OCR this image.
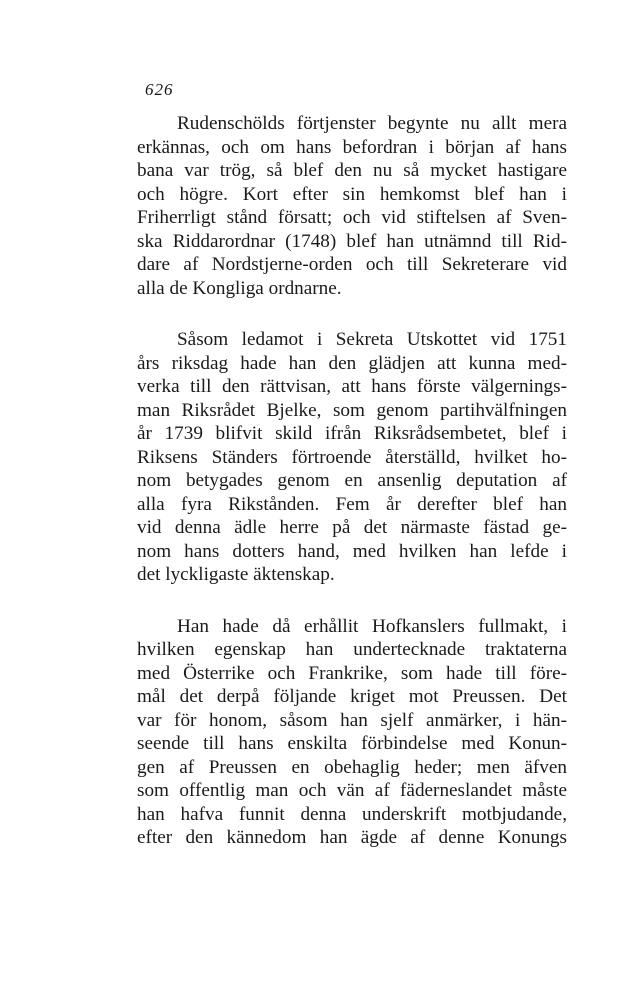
626
Rudenschölds förtjenster begynte nu allt mera
erkännas, och om hans befordran i början af hans
bana var trög, så blef den nu så mycket hastigare
och högre. Kort efter sin hemkomst blef han i
Friherrligt stånd försatt; och vid stiftelsen af Sven-
ska Riddarordnar (1748) blef han utnämnd till Rid-
dare af Nordstjerne-orden och till Sekreterare vid
alla de Kongliga ordnarne.
Såsom ledamot i Sekreta Utskottet vid 1751
års riksdag hade han den glädjen att kunna med-
verka till den rättvisan, att hans förste välgernings-
man Riksrådet Bjelke, som genom partihvälfningen
år 1739 blifvit skild ifrån Riksrådsembetet, blef i
Riksens Ständers förtroende återställd, hvilket ho-
nom betygades genom en ansenlig deputation af
alla fyra Rikstånden. Fem år derefter blef han
vid denna ädle herre på det närmaste fästad ge-
nom hans dotters hand, med hvilken han lefde i
det lyckligaste äktenskap.
Han hade då erhållit Hofkanslers fullmakt, i
hvilken egenskap han undertecknade traktaterna
med Österrike och Frankrike, som hade till före-
mål det derpå följande kriget mot Preussen. Det
var för honom, såsom han sjelf anmärker, i hän-
seende till hans enskilta förbindelse med Konun-
gen af Preussen en obehaglig heder; men äfven
som offentlig man och vän af fäderneslandet måste
han hafva funnit denna underskrift motbjudande,
efter den kännedom han ägde af denne Konungs
